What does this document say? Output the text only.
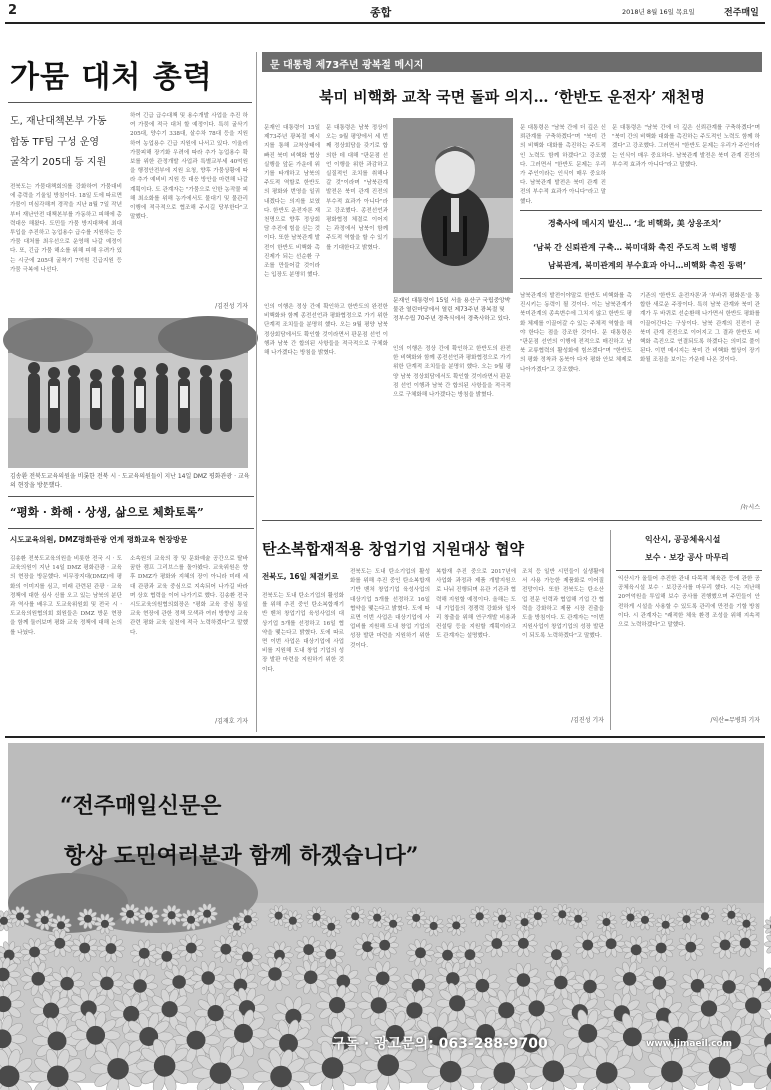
2	종합	2018년 8월 16일 목요일	전주매일
가뭄 대처 총력
도, 재난대책본부 가동
합동 TF팀 구성 운영
굴착기 205대 등 지원
전북도는 가뭄대책회의를 강화하여 가뭄대비에 총력을 기울일 방침이다. 18일 도에 따르면 가뭄이 미심각해져 경작을 지난 8월 7일 작년 부터 재난안전 대책본부를 가동하고 피해에 총력대응 해왔다. 도민들 가뭄 방지대책에 최대 투입을 추진하고 농업용수 급수를 지원하는 등 가뭄 대처를 최우선으로 운영해 나갈 예정이다. 또, 긴급 가뭄 해소를 위해 피해 우려가 있는 시군에 205대 굴착기 7억원 긴급지원 등 가뭄 극복에 나선다.
하여 긴급 급수대책 및 용수개발 사업을 추진 하여 가뭄에 적극 대처 할 예정이다. 특히 굴삭기 205대, 양수기 338대, 살수차 78대 등을 지원하여 농업용수 긴급 지원에 나서고 있다. 이울러 가뭄피해 장기화 우려에 따라 추가 농업용수 확보를 위한 관정개발 사업과 특별교부세 40억원을 행정안전부에 지원 요청, 향후 가뭄상황에 따라 추가 예비비 지원 등 대응 방안을 마련해 나갈 계획이다. 도 관계자는 "가뭄으로 인한 농작물 피해 최소화를 위해 농가에서도 물대기 및 물관리 이행에 적극적으로 협조해 주시길 당부한다"고 말했다.
/김진성 기자
김송환 전북도교육의원을 비롯한 전북 시 · 도교육의원들이 지난 14일 DMZ 평화관광 · 교육의 현장을 방문했다.
“평화 · 화해 · 상생, 삶으로 체화토록”
시도교육의원, DMZ평화관광 연계 평화교육 현장방문
김송환 전북도교육의원을 비롯한 전국 시 · 도교육의원이 지난 14일 DMZ 평화관광 · 교육의 현장을 방문했다. 비무장지대(DMZ)에 평화의 이미지를 심고, 미래 관련된 관광 · 교육 정책에 대한 심사 신를 오고 있는 남북의 분단과 역사를 배우고 도교육위원회 및 전국 시 · 도교육의원협의회 회원들은 DMZ 방문 현장을 함께 둘러보며 평화 교육 정책에 대해 논의를 나눴다.
소속원의 교육의 장 및 문화예술 공간으로 탈바꿈한 캠프 그리브스를 돌아봤다. 교육위원은 향후 DMZ가 평화와 지혜의 장이 아니라 미래 세대 관광과 교육 중심으로 지속되어 나가길 바라며 상호 협력을 이어 나가기로 했다. 김송환 전국시도교육의원협의회장은 "평화 교육 중심 통일 교육 현장에 관한 정책 모색과 여러 방향성 교육 관련 평화 교육 실천에 적극 노력하겠다"고 말했다.
/김재호 기자
문 대통령 제73주년 광복절 메시지
북미 비핵화 교착 국면 돌파 의지… ‘한반도 운전자’ 재천명
문재인 대통령이 15일 제73주년 광복절 메시지를 통해 교착상태에 빠진 북미 비핵화 협상 실행을 앞둔 가운데 위기를 타개하고 남북의 주도적 역할로 한반도의 평화와 번영을 일궈내겠다는 의지를 보였다. 한반도 운전자론 재천명으로 향후 정상회담 추진에 힘을 싣는 것이다. 또한 남북관계 발전이 한반도 비핵화 촉진제가 되는 선순환 구조를 만들어갈 것이라는 입장도 분명히 했다.
문 대통령은 남북 정상이 오는 9월 평양에서 세 번째 정상회담을 갖기로 합의한 데 대해 "판문점 선언 이행을 위한 과감하고 실질적인 조치를 취해나갈 것"이라며 "남북관계 발전은 북미 관계 진전의 부수적 효과가 아니다"라고 강조했다. 종전선언과 평화협정 체결로 이어지는 과정에서 남북이 함께 주도적 역할을 할 수 있기를 기대한다고 밝혔다.
문 대통령은 "남북 간에 더 깊은 신뢰관계를 구축하겠다"며 "북미 간의 비핵화 대화를 촉진하는 주도적인 노력도 함께 하겠다"고 강조했다. 그러면서 "한반도 문제는 우리가 주인이라는 인식이 매우 중요하다. 남북관계 발전은 북미 관계 진전의 부수적 효과가 아니다"라고 말했다.
문 대통령은 "남북 간에 더 깊은 신뢰관계를 구축하겠다"며 "북미 간의 비핵화 대화를 촉진하는 주도적인 노력도 함께 하겠다"고 강조했다. 그러면서 "한반도 문제는 우리가 주인이라는 인식이 매우 중요하다. 남북관계 발전은 북미 관계 진전의 부수적 효과가 아니다"라고 말했다.
경축사에 메시지 발신… ‘北 비핵화, 美 상응조치’
‘남북 간 신뢰관계 구축… 북미대화 촉진 주도적 노력 병행
남북관계, 북미관계의 부수효과 아니…비핵화 촉진 동력’
문재인 대통령이 15일 서울 용산구 국립중앙박물관 열린마당에서 열린 제73주년 광복절 및 정부수립 70주년 경축식에서 경축사하고 있다.
인의 이행은 정상 간에 확인하고 한반도의 완전한 비핵화와 함께 종전선언과 평화협정으로 가기 위한 단계적 조치들을 분명히 했다. 오는 9월 평양 남북 정상회담에서도 확인할 것이라면서 판문점 선언 이행과 남북 간 합의된 사항들을 적극적으로 구체화해 나가겠다는 방침을 밝혔다.
인의 이행은 정상 간에 확인하고 한반도의 완전한 비핵화와 함께 종전선언과 평화협정으로 가기 위한 단계적 조치들을 분명히 했다. 오는 9월 평양 남북 정상회담에서도 확인할 것이라면서 판문점 선언 이행과 남북 간 합의된 사항들을 적극적으로 구체화해 나가겠다는 방침을 밝혔다.
남북관계의 발전이야말로 한반도 비핵화를 촉진시키는 동력이 될 것이다. 이는 남북관계가 북미관계의 종속변수에 그치지 않고 한반도 평화 체제를 이끌어갈 수 있는 주체적 역할을 해야 한다는 점을 강조한 것이다. 문 대통령은 "판문점 선언의 이행에 전적으로 매진하고 남북 교류협력의 활성화에 힘쓰겠다"며 "한반도의 평화 정착과 동북아 다자 평화 안보 체제로 나아가겠다"고 강조했다.
기존의 '한반도 운전자론'과 '부바퀴 평화론'을 통합한 새로운 주장이다. 특히 남북 관계와 북미 관계가 두 바퀴로 선순환해 나가면서 한반도 평화를 이끌어간다는 구상이다. 남북 관계의 진전이 곧 북미 관계 진전으로 이어지고 그 결과 한반도 비핵화 촉진으로 연결되도록 하겠다는 의미로 풀이된다. 이번 메시지는 북미 간 비핵화 협상이 장기화될 조짐을 보이는 가운데 나온 것이다.
/뉴시스
탄소복합재적용 창업기업 지원대상 협약
전북도, 16일 체결키로
전북도는 도내 탄소기업의 활성화를 위해 추진 중인 탄소복합재기반 벤처 창업기업 육성사업의 대상기업 5개를 선정하고 16일 협약을 맺는다고 밝혔다. 도에 따르면 이번 사업은 대상기업에 사업비를 지원해 도내 창업 기업의 성장 발판 마련을 지원하기 위한 것이다.
전북도는 도내 탄소기업의 활성화를 위해 추진 중인 탄소복합재기반 벤처 창업기업 육성사업의 대상기업 5개를 선정하고 16일 협약을 맺는다고 밝혔다. 도에 따르면 이번 사업은 대상기업에 사업비를 지원해 도내 창업 기업의 성장 발판 마련을 지원하기 위한 것이다.
복합재 추진 중으로 2017년에 사업화 과정과 제품 개발지원으로 나눠 진행되며 유관 기관과 협력해 지원할 예정이다. 올해는 도내 기업들의 경쟁력 강화와 일자리 창출을 위해 연구개발 비용과 컨설팅 등을 지원할 계획이라고 도 관계자는 설명했다.
조치 등 일반 시민들이 실생활에서 사용 가능한 제품화로 이어질 전망이다. 또한 전북도는 탄소산업 전문 인력과 협업해 기업 간 협력을 강화하고 제품 시장 진출을 도울 방침이다. 도 관계자는 "이번 지원사업이 창업기업의 성장 발판이 되도록 노력하겠다"고 말했다.
/김진성 기자
익산시, 공공체육시설
보수 · 보강 공사 마무리
익산시가 올들어 추진한 관내 다목적 체육관 등에 관한 공공체육시설 보수 · 보강공사를 마무리 했다. 시는 지난해 20여억원을 투입해 보수 공사를 진행했으며 주민들이 안전하게 시설을 사용할 수 있도록 관리에 만전을 기할 방침이다. 시 관계자는 "쾌적한 체육 환경 조성을 위해 지속적으로 노력하겠다"고 말했다.
/익산=무병희 기자
“전주매일신문은
항상 도민여러분과 함께 하겠습니다”
구독 · 광고문의: 063-288-9700	www.jjmaeil.com
